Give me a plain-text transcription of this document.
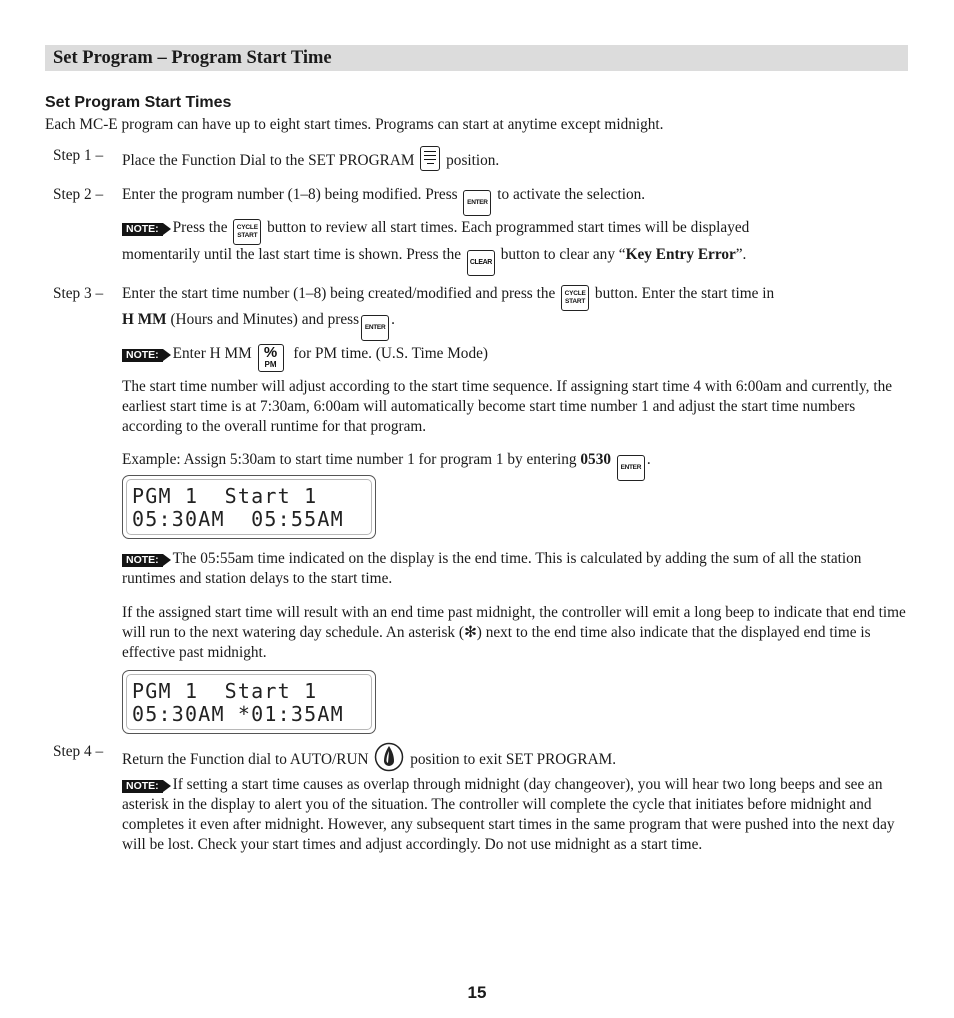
Set Program – Program Start Time
Set Program Start Times
Each MC-E program can have up to eight start times. Programs can start at anytime except midnight.
Step 1 – Place the Function Dial to the SET PROGRAM position.
Step 2 – Enter the program number (1–8) being modified. Press ENTER to activate the selection.
NOTE: Press the	CYCLE
START button to review all start times. Each programmed start times will be displayed
momentarily until the last start time is shown. Press the CLEAR button to clear any “Key Entry Error”.
Step 3 – Enter the start time number (1–8) being created/modified and press the	CYCLE
START button. Enter the start time in
H MM (Hours and Minutes) and press ENTER .
NOTE: Enter H MM %
PM
for PM time. (U.S. Time Mode)
The start time number will adjust according to the start time sequence. If assigning start time 4 with 6:00am and currently, the earliest start time is at 7:30am, 6:00am will automatically become start time number 1 and adjust the start time numbers according to the overall runtime for that program.
Example: Assign 5:30am to start time number 1 for program 1 by entering 0530 ENTER .
PGM 1  Start 1
05:30AM  05:55AM
NOTE: The 05:55am time indicated on the display is the end time. This is calculated by adding the sum of all the station runtimes and station delays to the start time.
If the assigned start time will result with an end time past midnight, the controller will emit a long beep to indicate that end time will run to the next watering day schedule. An asterisk (✻) next to the end time also indicate that the displayed end time is effective past midnight.
PGM 1  Start 1
05:30AM *01:35AM
Step 4 – Return the Function dial to AUTO/RUN	position to exit SET PROGRAM.
NOTE: If setting a start time causes as overlap through midnight (day changeover), you will hear two long beeps and see an asterisk in the display to alert you of the situation. The controller will complete the cycle that initiates before midnight and completes it even after midnight. However, any subsequent start times in the same program that were pushed into the next day will be lost. Check your start times and adjust accordingly. Do not use midnight as a start time.
15
